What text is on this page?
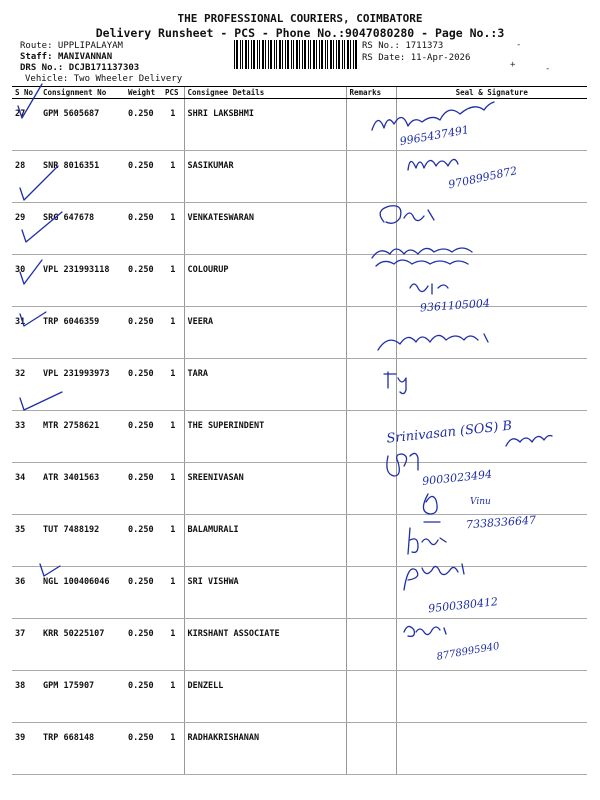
THE PROFESSIONAL COURIERS, COIMBATORE
Delivery Runsheet - PCS - Phone No.:9047080280 - Page No.:3
Route: UPPLIPALAYAM
Staff: MANIVANNAN
DRS No.: DCJB171137303
Vehicle: Two Wheeler Delivery
RS No.: 1711373
RS Date: 11-Apr-2026
-
+	-
S No	Consignment No	Weight	PCS	Consignee Details	Remarks	Seal & Signature
27	GPM 5605687	0.250	1	SHRI LAKSBHMI		
28	SNR 8016351	0.250	1	SASIKUMAR		
29	SRG 647678	0.250	1	VENKATESWARAN		
30	VPL 231993118	0.250	1	COLOURUP		
31	TRP 6046359	0.250	1	VEERA		
32	VPL 231993973	0.250	1	TARA		
33	MTR 2758621	0.250	1	THE SUPERINDENT		
34	ATR 3401563	0.250	1	SREENIVASAN		
35	TUT 7488192	0.250	1	BALAMURALI		
36	NGL 100406046	0.250	1	SRI VISHWA		
37	KRR 50225107	0.250	1	KIRSHANT ASSOCIATE		
38	GPM 175907	0.250	1	DENZELL		
39	TRP 668148	0.250	1	RADHAKRISHANAN		
9965437491
9708995872
9361105004
Srinivasan (SOS) B
9003023494
Vinu
7338336647
9500380412
8778995940
